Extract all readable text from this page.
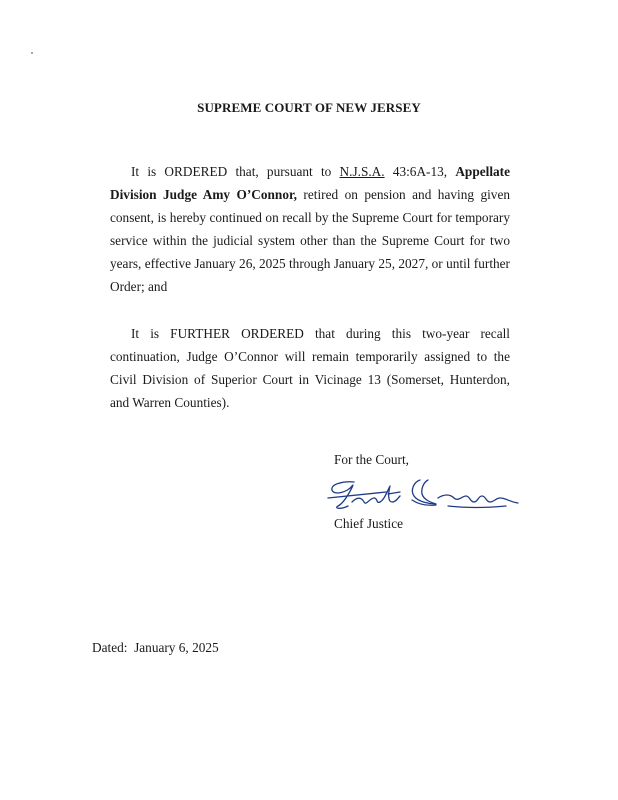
SUPREME COURT OF NEW JERSEY

It is ORDERED that, pursuant to N.J.S.A. 43:6A-13, Appellate Division Judge Amy O’Connor, retired on pension and having given consent, is hereby continued on recall by the Supreme Court for temporary service within the judicial system other than the Supreme Court for two years, effective January 26, 2025 through January 25, 2027, or until further Order; and

It is FURTHER ORDERED that during this two-year recall continuation, Judge O’Connor will remain temporarily assigned to the Civil Division of Superior Court in Vicinage 13 (Somerset, Hunterdon, and Warren Counties).

For the Court,
Chief Justice
Dated: January 6, 2025
